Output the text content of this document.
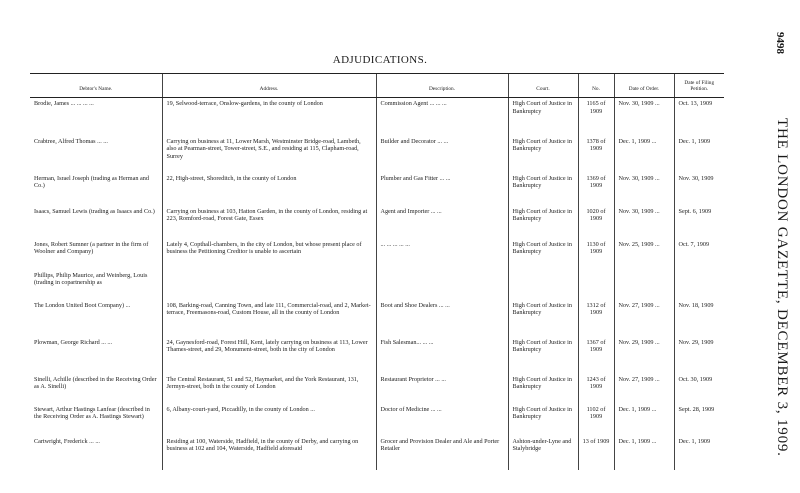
ADJUDICATIONS.
9498
THE LONDON GAZETTE, DECEMBER 3, 1909.
Debtor's Name.	Address.	Description.	Court.	No.	Date of Order.	Date of Filing Petition.
Brodie, James ... ... ... ...	19, Selwood-terrace, Onslow-gardens, in the county of London	Commission Agent ... ... ...	High Court of Justice in Bankruptcy	1165 of 1909	Nov. 30, 1909 ...	Oct. 13, 1909
Crabtree, Alfred Thomas ... ...	Carrying on business at 11, Lower Marsh, Westminster Bridge-road, Lambeth, also at Pearman-street, Tower-street, S.E., and residing at 115, Clapham-road, Surrey	Builder and Decorator ... ...	High Court of Justice in Bankruptcy	1378 of 1909	Dec. 1, 1909 ...	Dec. 1, 1909
Herman, Israel Joseph (trading as Herman and Co.)	22, High-street, Shoreditch, in the county of London	Plumber and Gas Fitter ... ...	High Court of Justice in Bankruptcy	1369 of 1909	Nov. 30, 1909 ...	Nov. 30, 1909
Isaacs, Samuel Lewis (trading as Isaacs and Co.)	Carrying on business at 103, Hatton Garden, in the county of London, residing at 223, Romford-road, Forest Gate, Essex	Agent and Importer ... ...	High Court of Justice in Bankruptcy	1020 of 1909	Nov. 30, 1909 ...	Sept. 6, 1909
Jones, Robert Sumner (a partner in the firm of Woolner and Company)	Lately 4, Copthall-chambers, in the city of London, but whose present place of business the Petitioning Creditor is unable to ascertain	... ... ... ... ...	High Court of Justice in Bankruptcy	1130 of 1909	Nov. 25, 1909 ...	Oct. 7, 1909
Phillips, Philip Maurice, and Weinberg, Louis (trading in copartnership as						
The London United Boot Company) ...	108, Barking-road, Canning Town, and late 111, Commercial-road, and 2, Market-terrace, Freemasons-road, Custom House, all in the county of London	Boot and Shoe Dealers ... ...	High Court of Justice in Bankruptcy	1312 of 1909	Nov. 27, 1909 ...	Nov. 18, 1909
Plowman, George Richard ... ...	24, Gaynesford-road, Forest Hill, Kent, lately carrying on business at 113, Lower Thames-street, and 29, Monument-street, both in the city of London	Fish Salesman... ... ...	High Court of Justice in Bankruptcy	1367 of 1909	Nov. 29, 1909 ...	Nov. 29, 1909
Sinelli, Achille (described in the Receiving Order as A. Sinelli)	The Central Restaurant, 51 and 52, Haymarket, and the York Restaurant, 131, Jermyn-street, both in the county of London	Restaurant Proprietor ... ...	High Court of Justice in Bankruptcy	1243 of 1909	Nov. 27, 1909 ...	Oct. 30, 1909
Stewart, Arthur Hastings Lanfear (described in the Receiving Order as A. Hastings Stewart)	6, Albany-court-yard, Piccadilly, in the county of London ...	Doctor of Medicine ... ...	High Court of Justice in Bankruptcy	1102 of 1909	Dec. 1, 1909 ...	Sept. 28, 1909
Cartwright, Frederick ... ...	Residing at 100, Waterside, Hadfield, in the county of Derby, and carrying on business at 102 and 104, Waterside, Hadfield aforesaid	Grocer and Provision Dealer and Ale and Porter Retailer	Ashton-under-Lyne and Stalybridge	13 of 1909	Dec. 1, 1909 ...	Dec. 1, 1909
